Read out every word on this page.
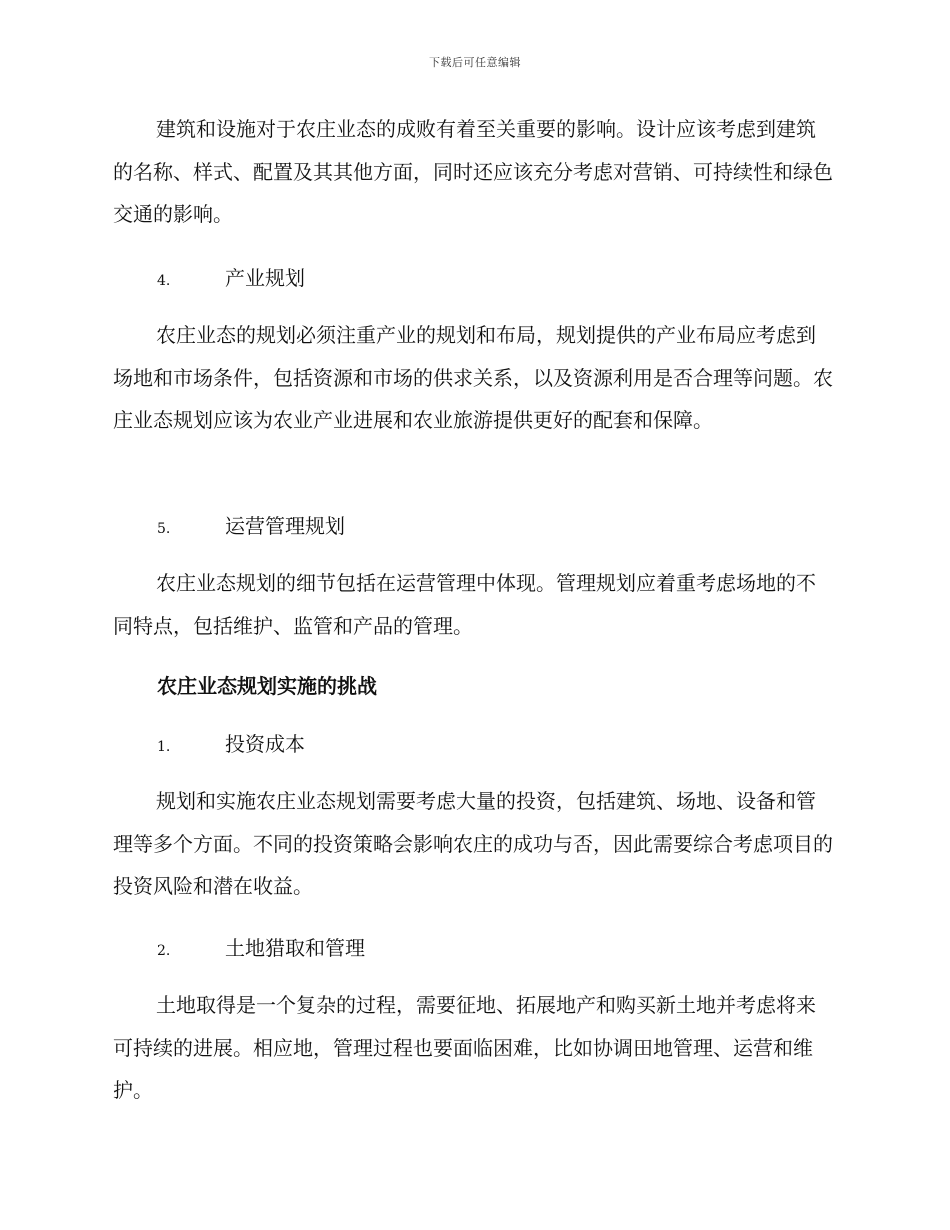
下载后可任意编辑

建筑和设施对于农庄业态的成败有着至关重要的影响。设计应该考虑到建筑的名称、样式、配置及其其他方面，同时还应该充分考虑对营销、可持续性和绿色交通的影响。

4.	产业规划

农庄业态的规划必须注重产业的规划和布局，规划提供的产业布局应考虑到场地和市场条件，包括资源和市场的供求关系，以及资源利用是否合理等问题。农庄业态规划应该为农业产业进展和农业旅游提供更好的配套和保障。

5.	运营管理规划

农庄业态规划的细节包括在运营管理中体现。管理规划应着重考虑场地的不同特点，包括维护、监管和产品的管理。

农庄业态规划实施的挑战
1.	投资成本

规划和实施农庄业态规划需要考虑大量的投资，包括建筑、场地、设备和管理等多个方面。不同的投资策略会影响农庄的成功与否，因此需要综合考虑项目的投资风险和潜在收益。

2.	土地猎取和管理

土地取得是一个复杂的过程，需要征地、拓展地产和购买新土地并考虑将来可持续的进展。相应地，管理过程也要面临困难，比如协调田地管理、运营和维护。
